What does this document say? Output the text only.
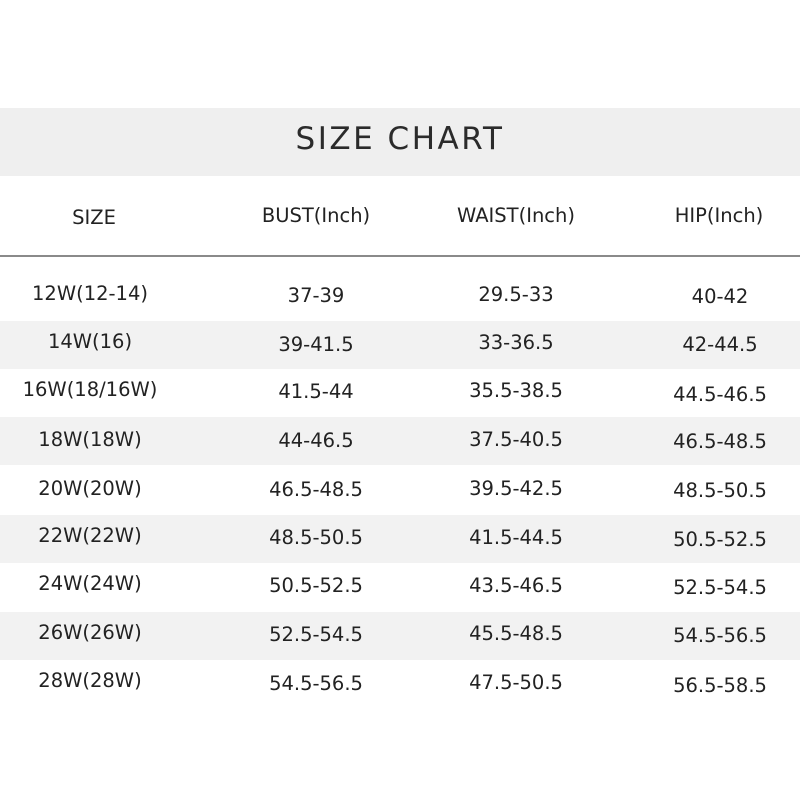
SIZE CHART
SIZE	BUST(Inch)	WAIST(Inch)	HIP(Inch)
12W(12-14)	37-39	29.5-33	40-42
14W(16)	39-41.5	33-36.5	42-44.5
16W(18/16W)	41.5-44	35.5-38.5	44.5-46.5
18W(18W)	44-46.5	37.5-40.5	46.5-48.5
20W(20W)	46.5-48.5	39.5-42.5	48.5-50.5
22W(22W)	48.5-50.5	41.5-44.5	50.5-52.5
24W(24W)	50.5-52.5	43.5-46.5	52.5-54.5
26W(26W)	52.5-54.5	45.5-48.5	54.5-56.5
28W(28W)	54.5-56.5	47.5-50.5	56.5-58.5
